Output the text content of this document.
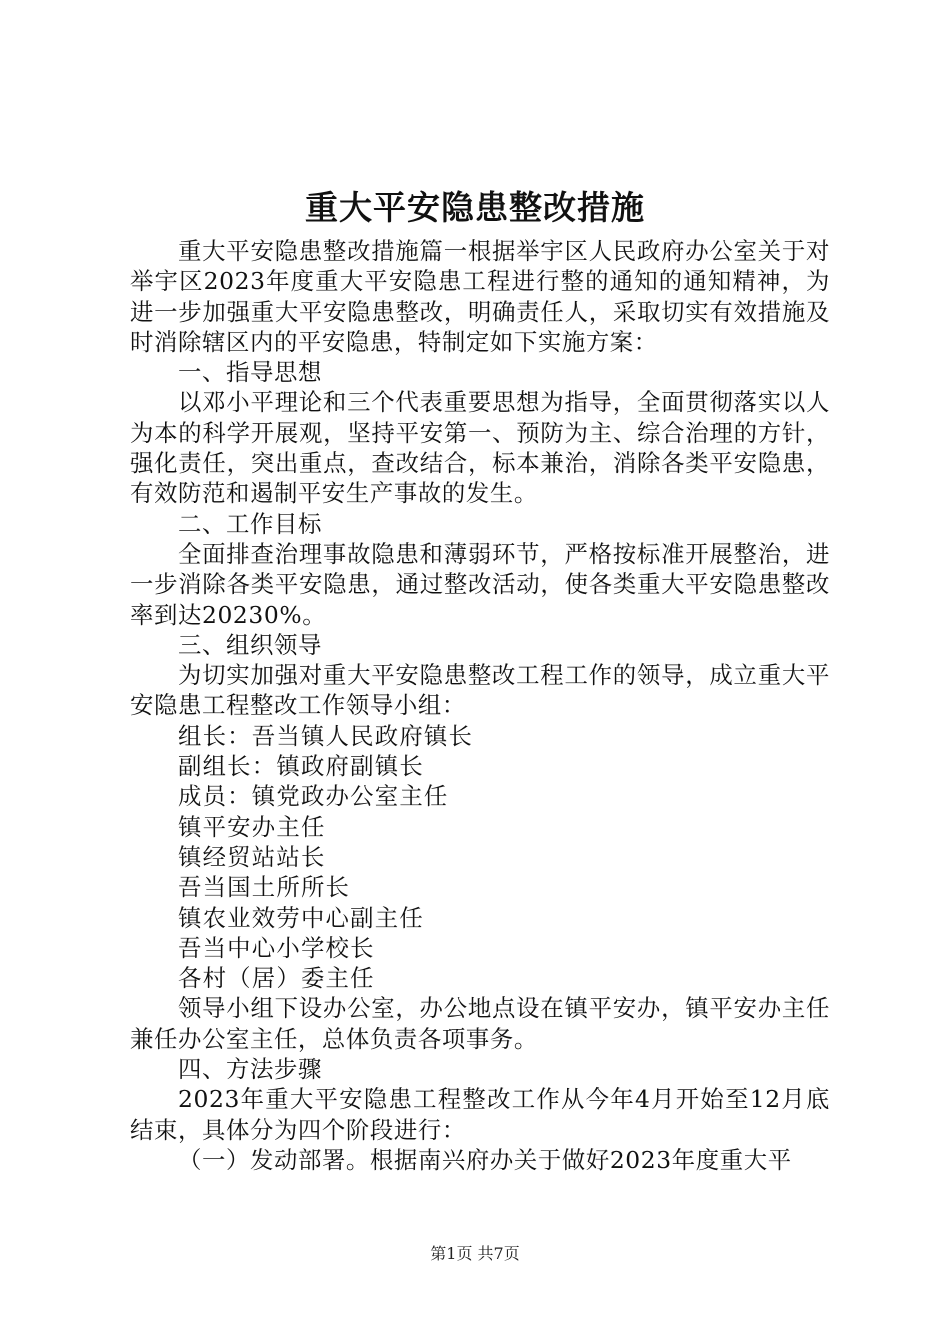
重大平安隐患整改措施

重大平安隐患整改措施篇一根据举宇区人民政府办公室关于对举宇区2023年度重大平安隐患工程进行整的通知的通知精神，为进一步加强重大平安隐患整改，明确责任人，采取切实有效措施及时消除辖区内的平安隐患，特制定如下实施方案：

一、指导思想

以邓小平理论和三个代表重要思想为指导，全面贯彻落实以人为本的科学开展观，坚持平安第一、预防为主、综合治理的方针，强化责任，突出重点，查改结合，标本兼治，消除各类平安隐患，有效防范和遏制平安生产事故的发生。

二、工作目标

全面排查治理事故隐患和薄弱环节，严格按标准开展整治，进一步消除各类平安隐患，通过整改活动，使各类重大平安隐患整改率到达20230%。

三、组织领导

为切实加强对重大平安隐患整改工程工作的领导，成立重大平安隐患工程整改工作领导小组：

组长：吾当镇人民政府镇长

副组长：镇政府副镇长

成员：镇党政办公室主任

镇平安办主任

镇经贸站站长

吾当国土所所长

镇农业效劳中心副主任

吾当中心小学校长

各村（居）委主任

领导小组下设办公室，办公地点设在镇平安办，镇平安办主任兼任办公室主任，总体负责各项事务。

四、方法步骤

2023年重大平安隐患工程整改工作从今年4月开始至12月底结束，具体分为四个阶段进行：

（一）发动部署。根据南兴府办关于做好2023年度重大平

第1页 共7页
